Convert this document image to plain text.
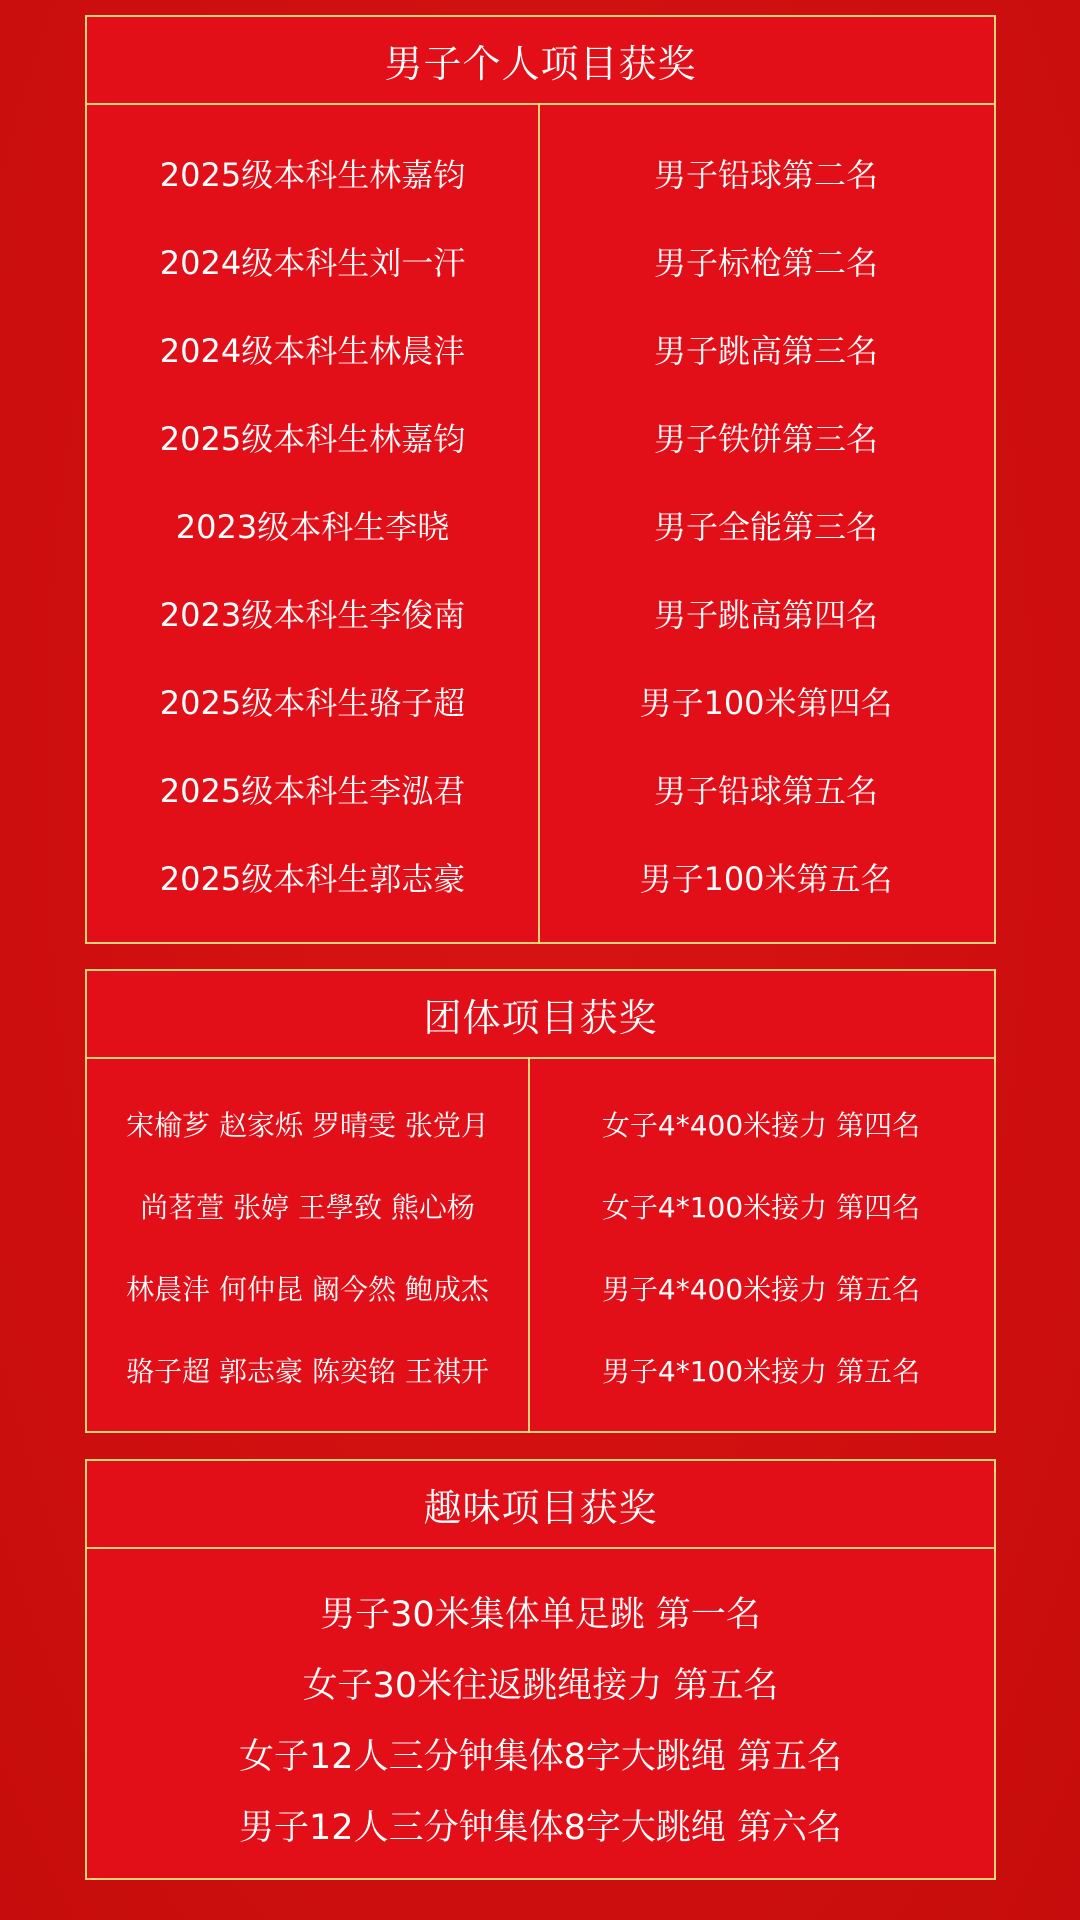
男子个人项目获奖
2025级本科生林嘉钧
2024级本科生刘一汗
2024级本科生林晨沣
2025级本科生林嘉钧
2023级本科生李晓
2023级本科生李俊南
2025级本科生骆子超
2025级本科生李泓君
2025级本科生郭志豪
男子铅球第二名
男子标枪第二名
男子跳高第三名
男子铁饼第三名
男子全能第三名
男子跳高第四名
男子100米第四名
男子铅球第五名
男子100米第五名
团体项目获奖
宋榆芗 赵家烁 罗晴雯 张党月
尚茗萱 张婷 王學致 熊心杨
林晨沣 何仲昆 阚今然 鲍成杰
骆子超 郭志豪 陈奕铭 王祺开
女子4*400米接力 第四名
女子4*100米接力 第四名
男子4*400米接力 第五名
男子4*100米接力 第五名
趣味项目获奖
男子30米集体单足跳 第一名
女子30米往返跳绳接力 第五名
女子12人三分钟集体8字大跳绳 第五名
男子12人三分钟集体8字大跳绳 第六名
